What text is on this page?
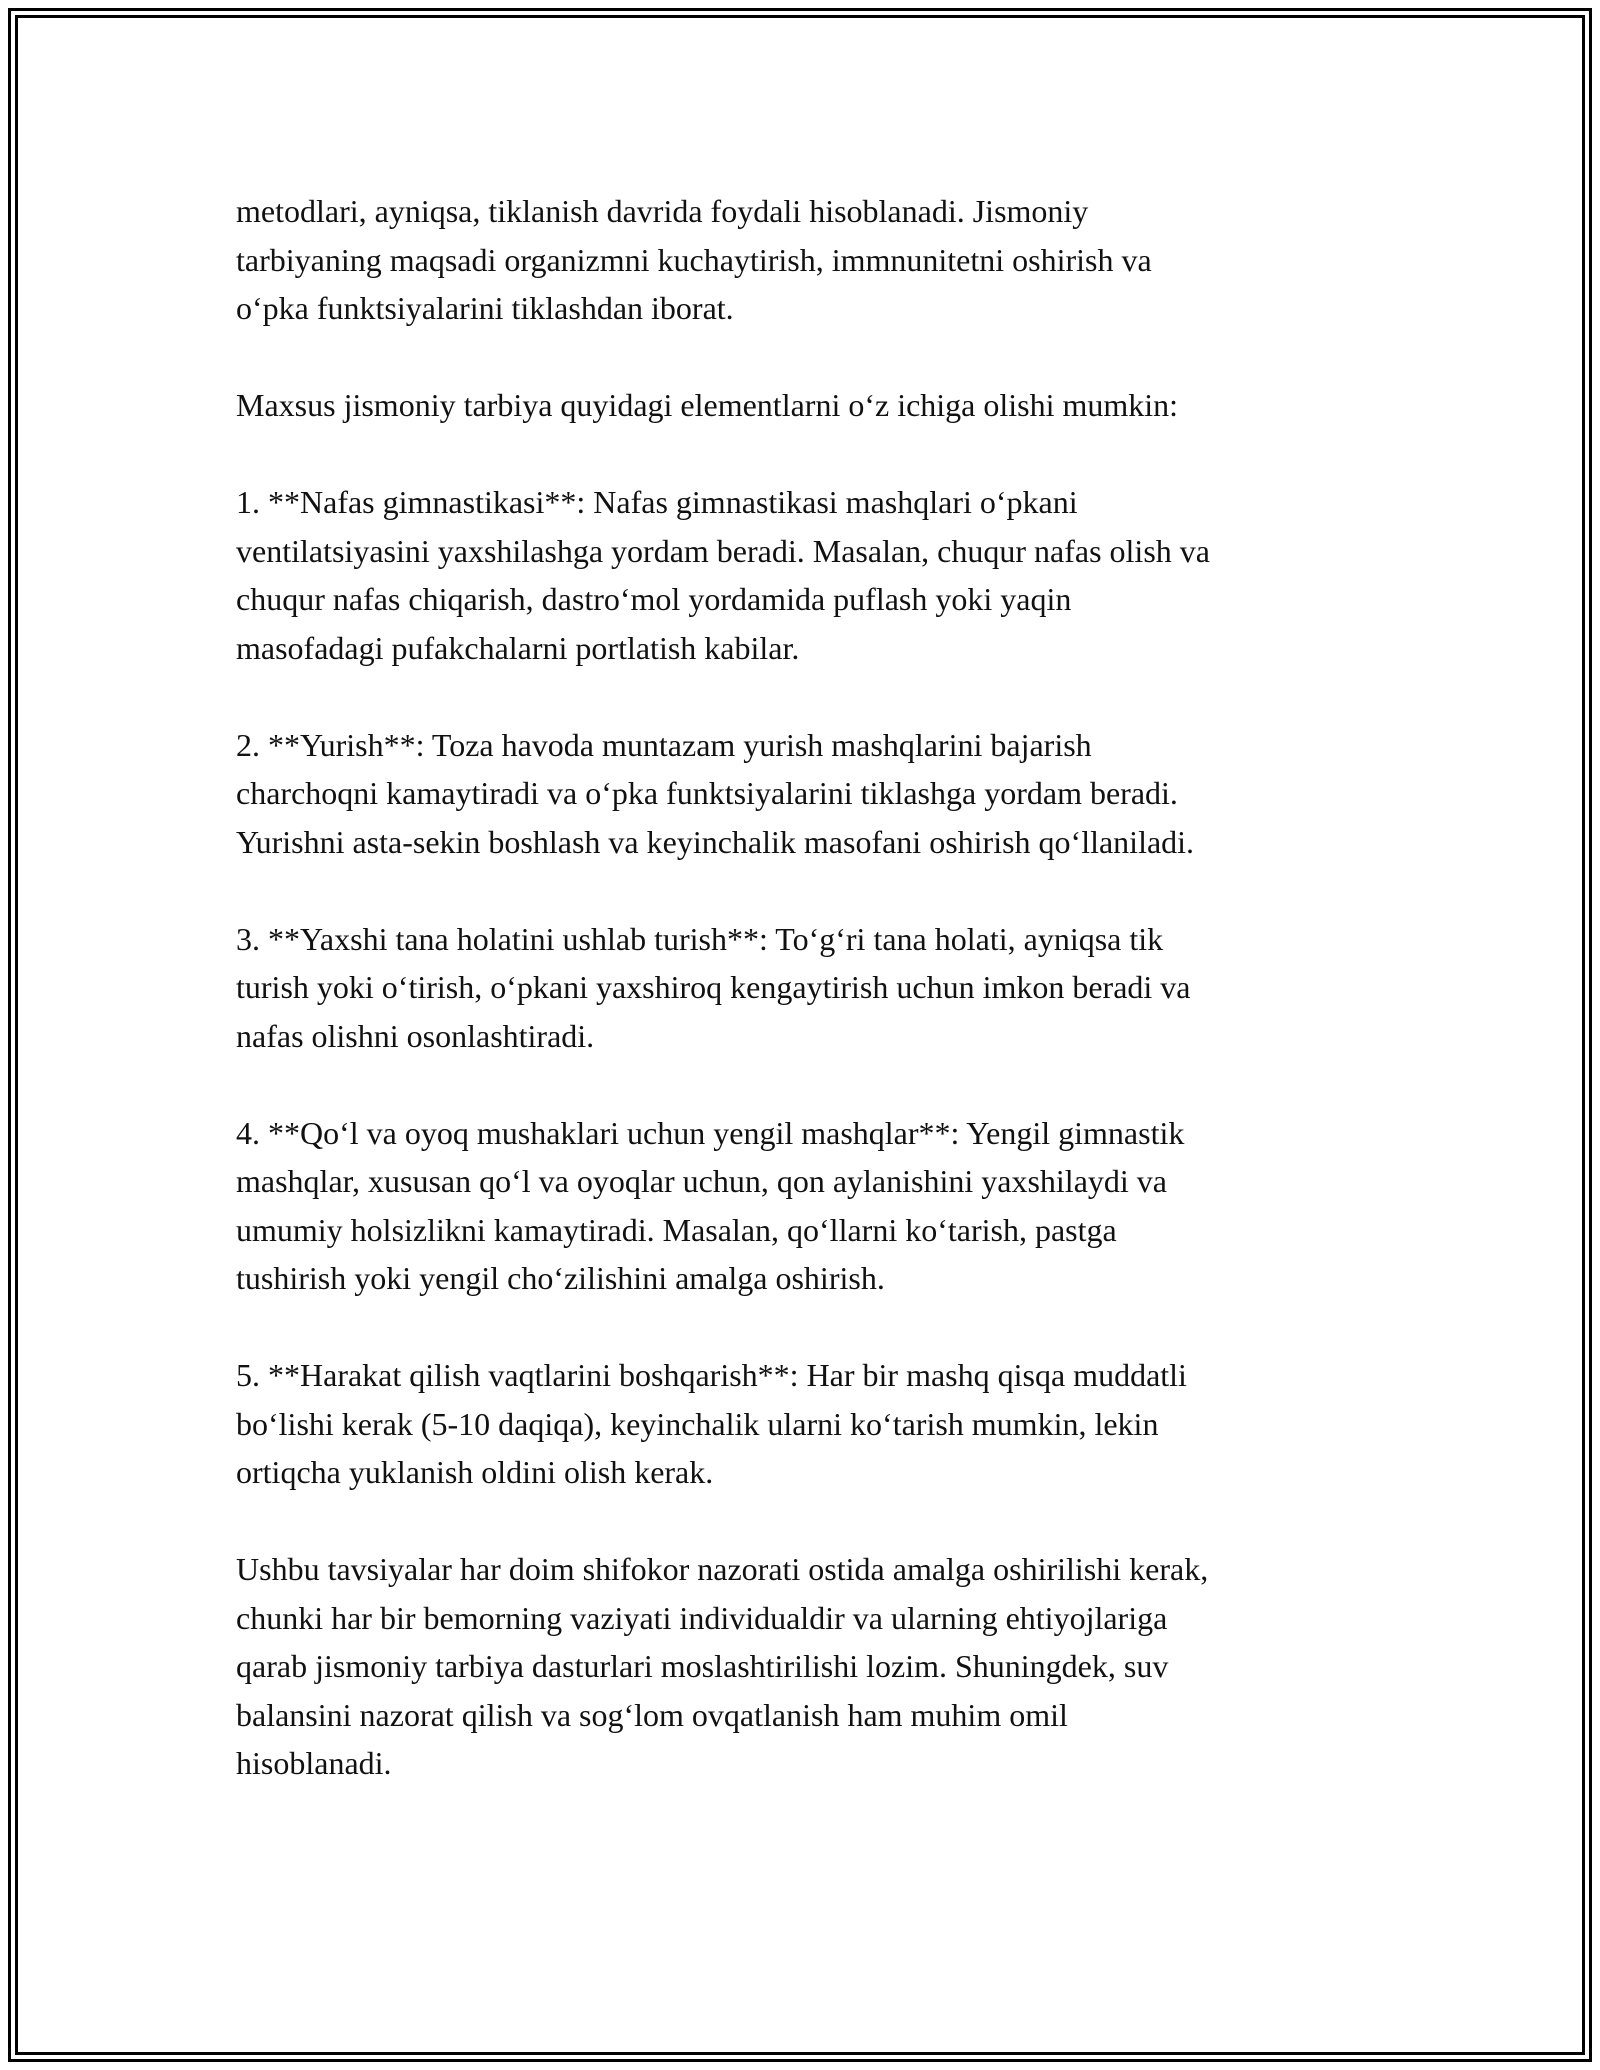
metodlari, ayniqsa, tiklanish davrida foydali hisoblanadi. Jismoniy
tarbiyaning maqsadi organizmni kuchaytirish, immnunitetni oshirish va
o‘pka funktsiyalarini tiklashdan iborat.

Maxsus jismoniy tarbiya quyidagi elementlarni o‘z ichiga olishi mumkin:

1. **Nafas gimnastikasi**: Nafas gimnastikasi mashqlari o‘pkani
ventilatsiyasini yaxshilashga yordam beradi. Masalan, chuqur nafas olish va
chuqur nafas chiqarish, dastro‘mol yordamida puflash yoki yaqin
masofadagi pufakchalarni portlatish kabilar.

2. **Yurish**: Toza havoda muntazam yurish mashqlarini bajarish
charchoqni kamaytiradi va o‘pka funktsiyalarini tiklashga yordam beradi.
Yurishni asta-sekin boshlash va keyinchalik masofani oshirish qo‘llaniladi.

3. **Yaxshi tana holatini ushlab turish**: To‘g‘ri tana holati, ayniqsa tik
turish yoki o‘tirish, o‘pkani yaxshiroq kengaytirish uchun imkon beradi va
nafas olishni osonlashtiradi.

4. **Qo‘l va oyoq mushaklari uchun yengil mashqlar**: Yengil gimnastik
mashqlar, xususan qo‘l va oyoqlar uchun, qon aylanishini yaxshilaydi va
umumiy holsizlikni kamaytiradi. Masalan, qo‘llarni ko‘tarish, pastga
tushirish yoki yengil cho‘zilishini amalga oshirish.

5. **Harakat qilish vaqtlarini boshqarish**: Har bir mashq qisqa muddatli
bo‘lishi kerak (5-10 daqiqa), keyinchalik ularni ko‘tarish mumkin, lekin
ortiqcha yuklanish oldini olish kerak.

Ushbu tavsiyalar har doim shifokor nazorati ostida amalga oshirilishi kerak,
chunki har bir bemorning vaziyati individualdir va ularning ehtiyojlariga
qarab jismoniy tarbiya dasturlari moslashtirilishi lozim. Shuningdek, suv
balansini nazorat qilish va sog‘lom ovqatlanish ham muhim omil
hisoblanadi.
